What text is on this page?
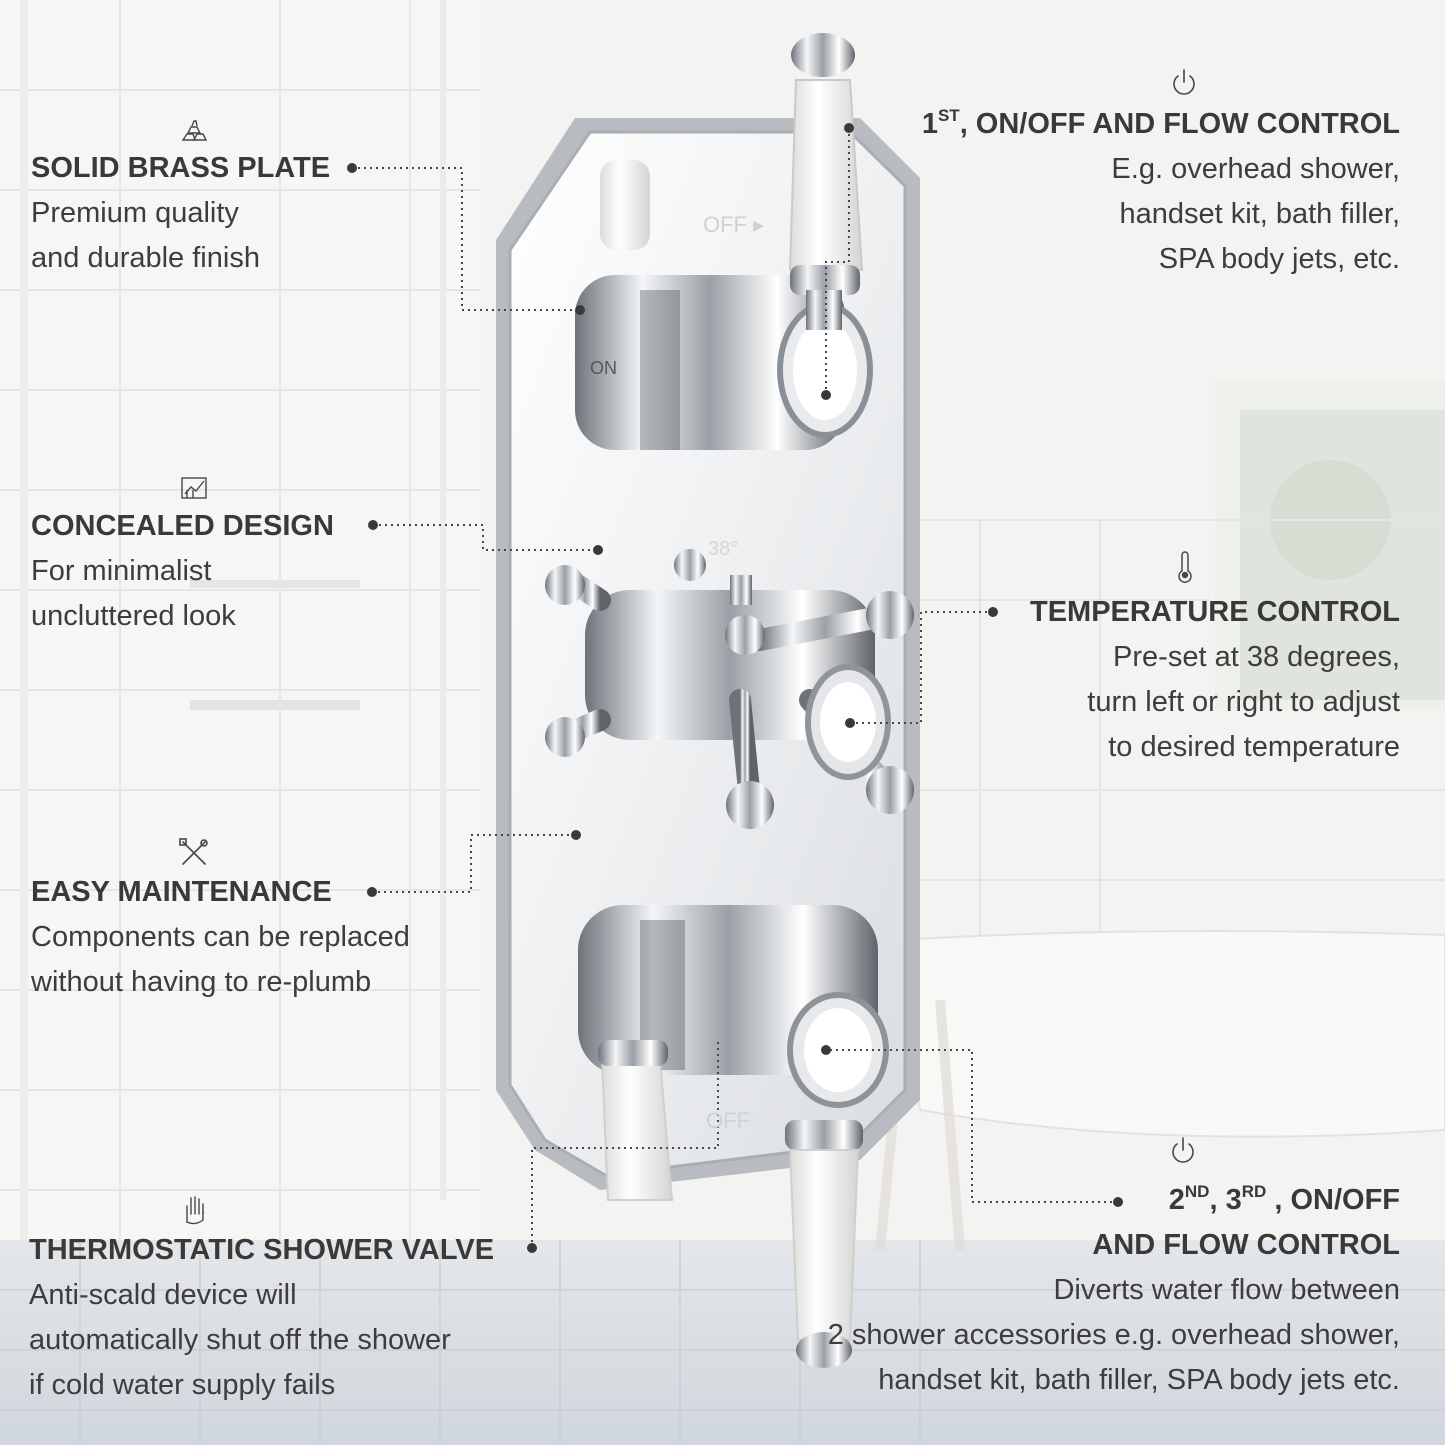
OFF ▸
ON
38°
OFF
SOLID BRASS PLATE
Premium quality
and durable finish
CONCEALED DESIGN
For minimalist
uncluttered look
EASY MAINTENANCE
Components can be replaced
without having to re-plumb
THERMOSTATIC SHOWER VALVE
Anti-scald device will
automatically shut off the shower
if cold water supply fails
1ST, ON/OFF AND FLOW CONTROL
E.g. overhead shower,
handset kit, bath filler,
SPA body jets, etc.
TEMPERATURE CONTROL
Pre-set at 38 degrees,
turn left or right to adjust
to desired temperature
2ND, 3RD , ON/OFF
AND FLOW CONTROL
Diverts water flow between
2 shower accessories e.g. overhead shower,
handset kit, bath filler, SPA body jets etc.
